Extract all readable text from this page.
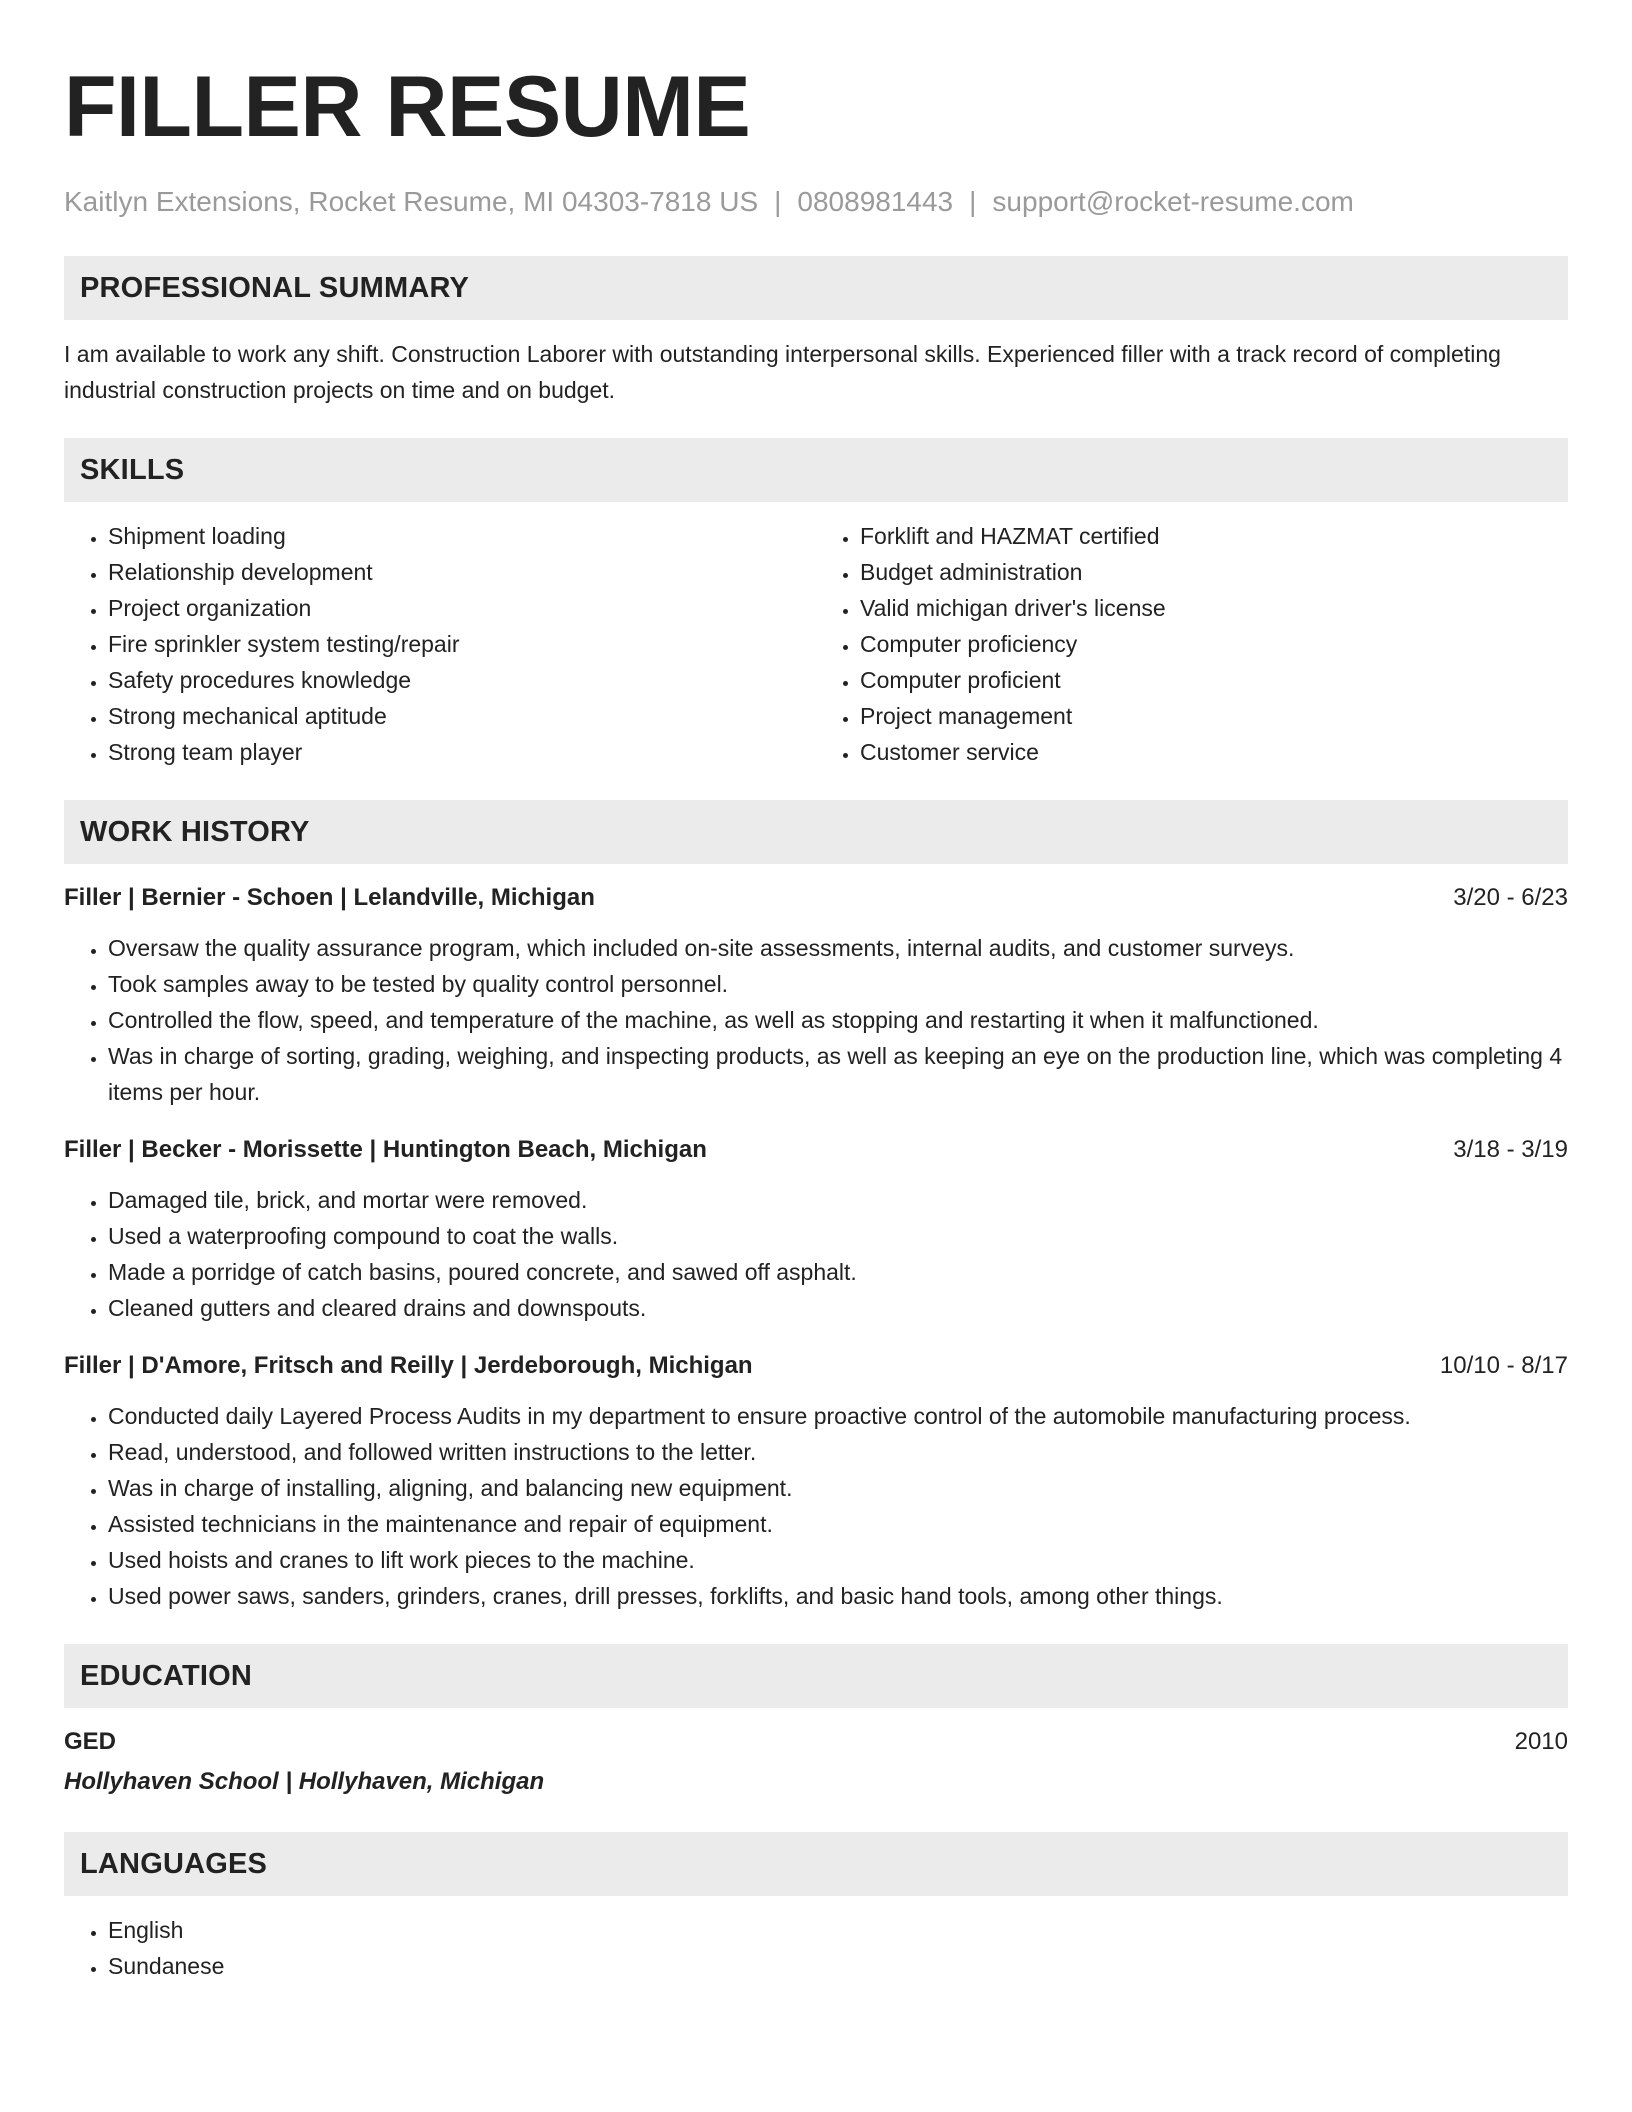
FILLER RESUME
Kaitlyn Extensions, Rocket Resume, MI 04303-7818 US | 0808981443 | support@rocket-resume.com
PROFESSIONAL SUMMARY
I am available to work any shift. Construction Laborer with outstanding interpersonal skills. Experienced filler with a track record of completing industrial construction projects on time and on budget.
SKILLS
• Shipment loading
• Relationship development
• Project organization
• Fire sprinkler system testing/repair
• Safety procedures knowledge
• Strong mechanical aptitude
• Strong team player
• Forklift and HAZMAT certified
• Budget administration
• Valid michigan driver's license
• Computer proficiency
• Computer proficient
• Project management
• Customer service
WORK HISTORY
Filler | Bernier - Schoen | Lelandville, Michigan	3/20 - 6/23
• Oversaw the quality assurance program, which included on-site assessments, internal audits, and customer surveys.
• Took samples away to be tested by quality control personnel.
• Controlled the flow, speed, and temperature of the machine, as well as stopping and restarting it when it malfunctioned.
• Was in charge of sorting, grading, weighing, and inspecting products, as well as keeping an eye on the production line, which was completing 4 items per hour.
Filler | Becker - Morissette | Huntington Beach, Michigan	3/18 - 3/19
• Damaged tile, brick, and mortar were removed.
• Used a waterproofing compound to coat the walls.
• Made a porridge of catch basins, poured concrete, and sawed off asphalt.
• Cleaned gutters and cleared drains and downspouts.
Filler | D'Amore, Fritsch and Reilly | Jerdeborough, Michigan	10/10 - 8/17
• Conducted daily Layered Process Audits in my department to ensure proactive control of the automobile manufacturing process.
• Read, understood, and followed written instructions to the letter.
• Was in charge of installing, aligning, and balancing new equipment.
• Assisted technicians in the maintenance and repair of equipment.
• Used hoists and cranes to lift work pieces to the machine.
• Used power saws, sanders, grinders, cranes, drill presses, forklifts, and basic hand tools, among other things.
EDUCATION
GED	2010
Hollyhaven School | Hollyhaven, Michigan
LANGUAGES
• English
• Sundanese
